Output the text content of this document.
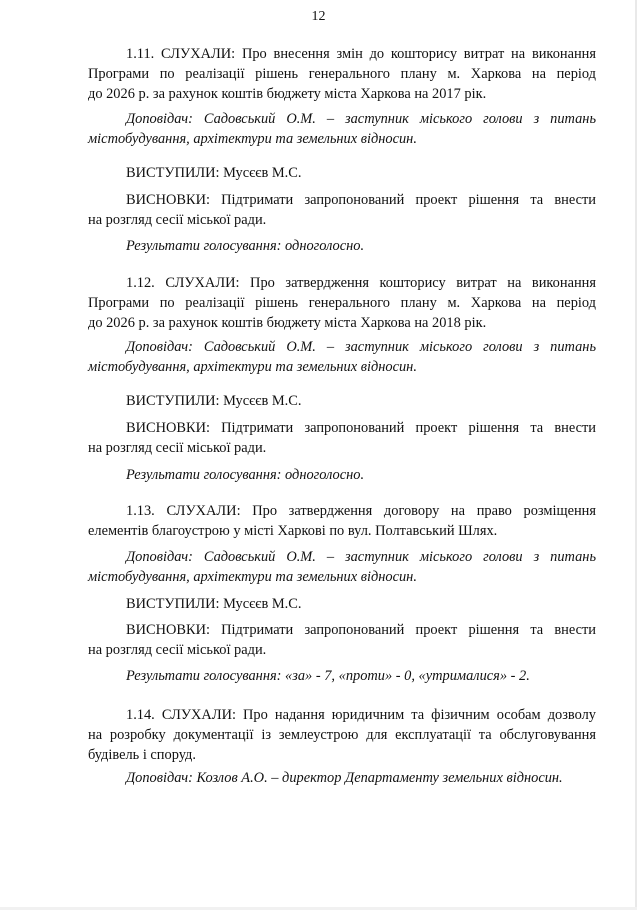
12
1.11. СЛУХАЛИ: Про внесення змін до кошторису витрат на виконання
Програми по реалізації рішень генерального плану м. Харкова на період
до 2026 р. за рахунок коштів бюджету міста Харкова на 2017 рік.
Доповідач: Садовський О.М. – заступник міського голови з питань
містобудування, архітектури та земельних відносин.
ВИСТУПИЛИ: Мусєєв М.С.
ВИСНОВКИ: Підтримати запропонований проект рішення та внести
на розгляд сесії міської ради.
Результати голосування: одноголосно.
1.12. СЛУХАЛИ: Про затвердження кошторису витрат на виконання
Програми по реалізації рішень генерального плану м. Харкова на період
до 2026 р. за рахунок коштів бюджету міста Харкова на 2018 рік.
Доповідач: Садовський О.М. – заступник міського голови з питань
містобудування, архітектури та земельних відносин.
ВИСТУПИЛИ: Мусєєв М.С.
ВИСНОВКИ: Підтримати запропонований проект рішення та внести
на розгляд сесії міської ради.
Результати голосування: одноголосно.
1.13. СЛУХАЛИ: Про затвердження договору на право розміщення
елементів благоустрою у місті Харкові по вул. Полтавський Шлях.
Доповідач: Садовський О.М. – заступник міського голови з питань
містобудування, архітектури та земельних відносин.
ВИСТУПИЛИ: Мусєєв М.С.
ВИСНОВКИ: Підтримати запропонований проект рішення та внести
на розгляд сесії міської ради.
Результати голосування: «за» - 7, «проти» - 0, «утрималися» - 2.
1.14. СЛУХАЛИ: Про надання юридичним та фізичним особам дозволу
на розробку документації із землеустрою для експлуатації та обслуговування
будівель і споруд.
Доповідач: Козлов А.О. – директор Департаменту земельних відносин.
